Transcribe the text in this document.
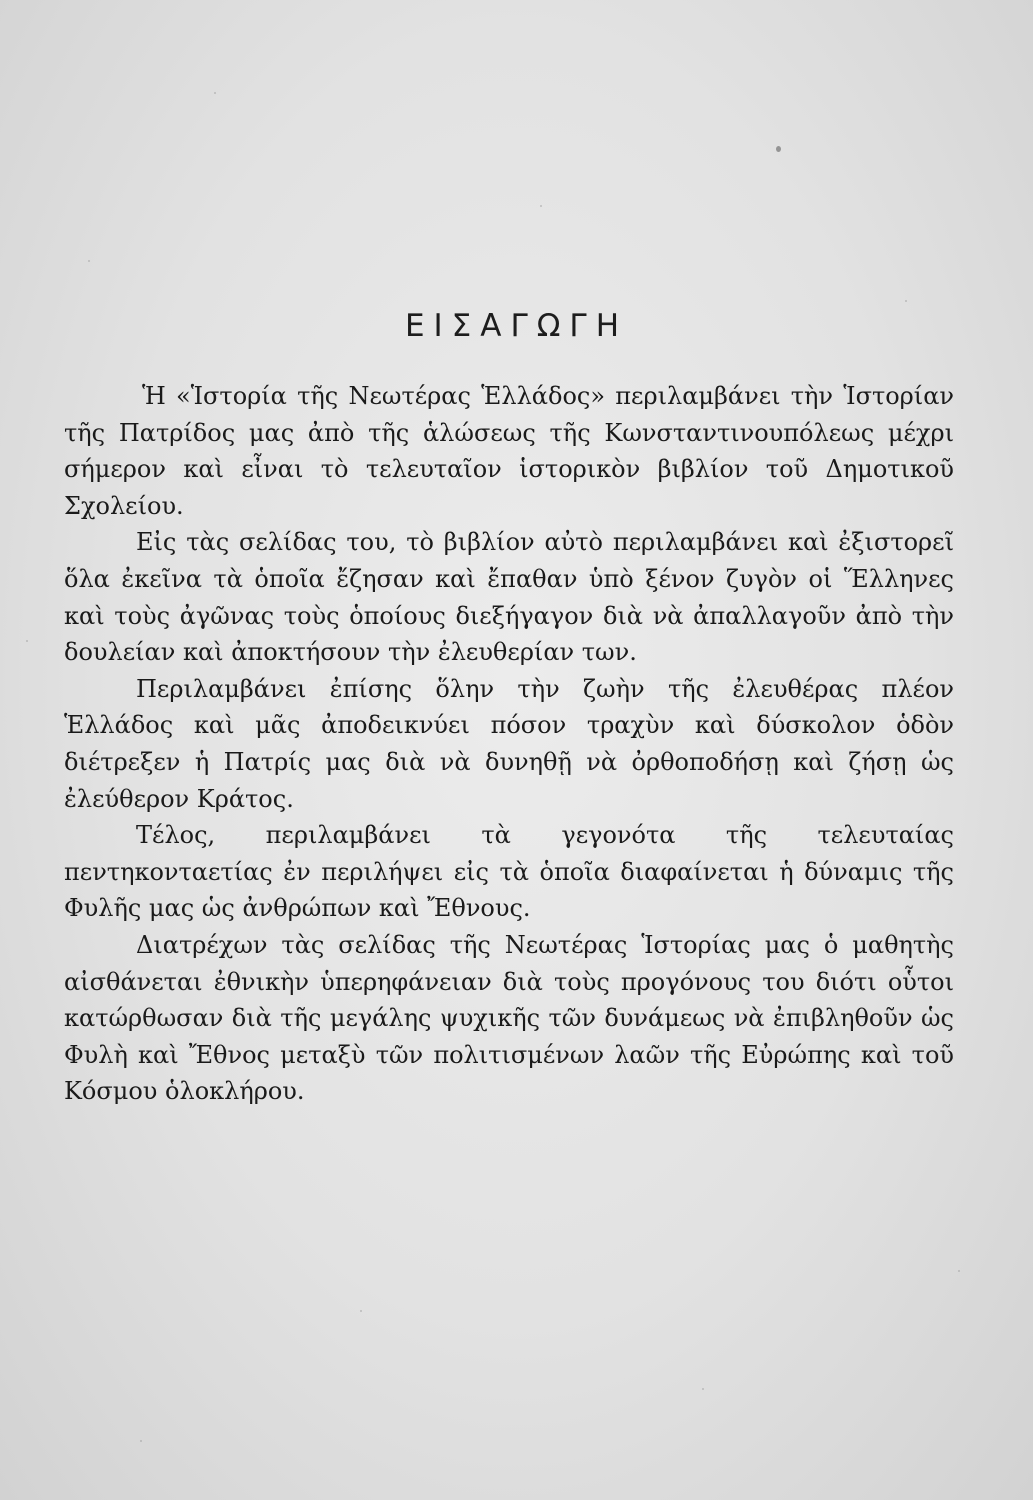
ΕΙΣΑΓΩΓΗ

Ἡ «Ἱστορία τῆς Νεωτέρας Ἑλλάδος» περιλαμβάνει τὴν Ἱστορίαν τῆς Πατρίδος μας ἀπὸ τῆς ἁλώσεως τῆς Κωνσταντινουπόλεως μέχρι σήμερον καὶ εἶναι τὸ τελευταῖον ἱστορικὸν βιβλίον τοῦ Δημοτικοῦ Σχολείου.

Εἰς τὰς σελίδας του, τὸ βιβλίον αὐτὸ περιλαμβάνει καὶ ἐξιστορεῖ ὅλα ἐκεῖνα τὰ ὁποῖα ἔζησαν καὶ ἔπαθαν ὑπὸ ξένον ζυγὸν οἱ Ἕλληνες καὶ τοὺς ἀγῶνας τοὺς ὁποίους διεξήγαγον διὰ νὰ ἀπαλλαγοῦν ἀπὸ τὴν δουλείαν καὶ ἀποκτήσουν τὴν ἐλευθερίαν των.

Περιλαμβάνει ἐπίσης ὅλην τὴν ζωὴν τῆς ἐλευθέρας πλέον Ἑλλάδος καὶ μᾶς ἀποδεικνύει πόσον τραχὺν καὶ δύσκολον ὁδὸν διέτρεξεν ἡ Πατρίς μας διὰ νὰ δυνηθῇ νὰ ὀρθοποδήσῃ καὶ ζήσῃ ὡς ἐλεύθερον Κράτος.

Τέλος, περιλαμβάνει τὰ γεγονότα τῆς τελευταίας πεντηκονταετίας ἐν περιλήψει εἰς τὰ ὁποῖα διαφαίνεται ἡ δύναμις τῆς Φυλῆς μας ὡς ἀνθρώπων καὶ Ἔθνους.

Διατρέχων τὰς σελίδας τῆς Νεωτέρας Ἱστορίας μας ὁ μαθητὴς αἰσθάνεται ἐθνικὴν ὑπερηφάνειαν διὰ τοὺς προγόνους του διότι οὗτοι κατώρθωσαν διὰ τῆς μεγάλης ψυχικῆς τῶν δυνάμεως νὰ ἐπιβληθοῦν ὡς Φυλὴ καὶ Ἔθνος μεταξὺ τῶν πολιτισμένων λαῶν τῆς Εὐρώπης καὶ τοῦ Κόσμου ὁλοκλήρου.
